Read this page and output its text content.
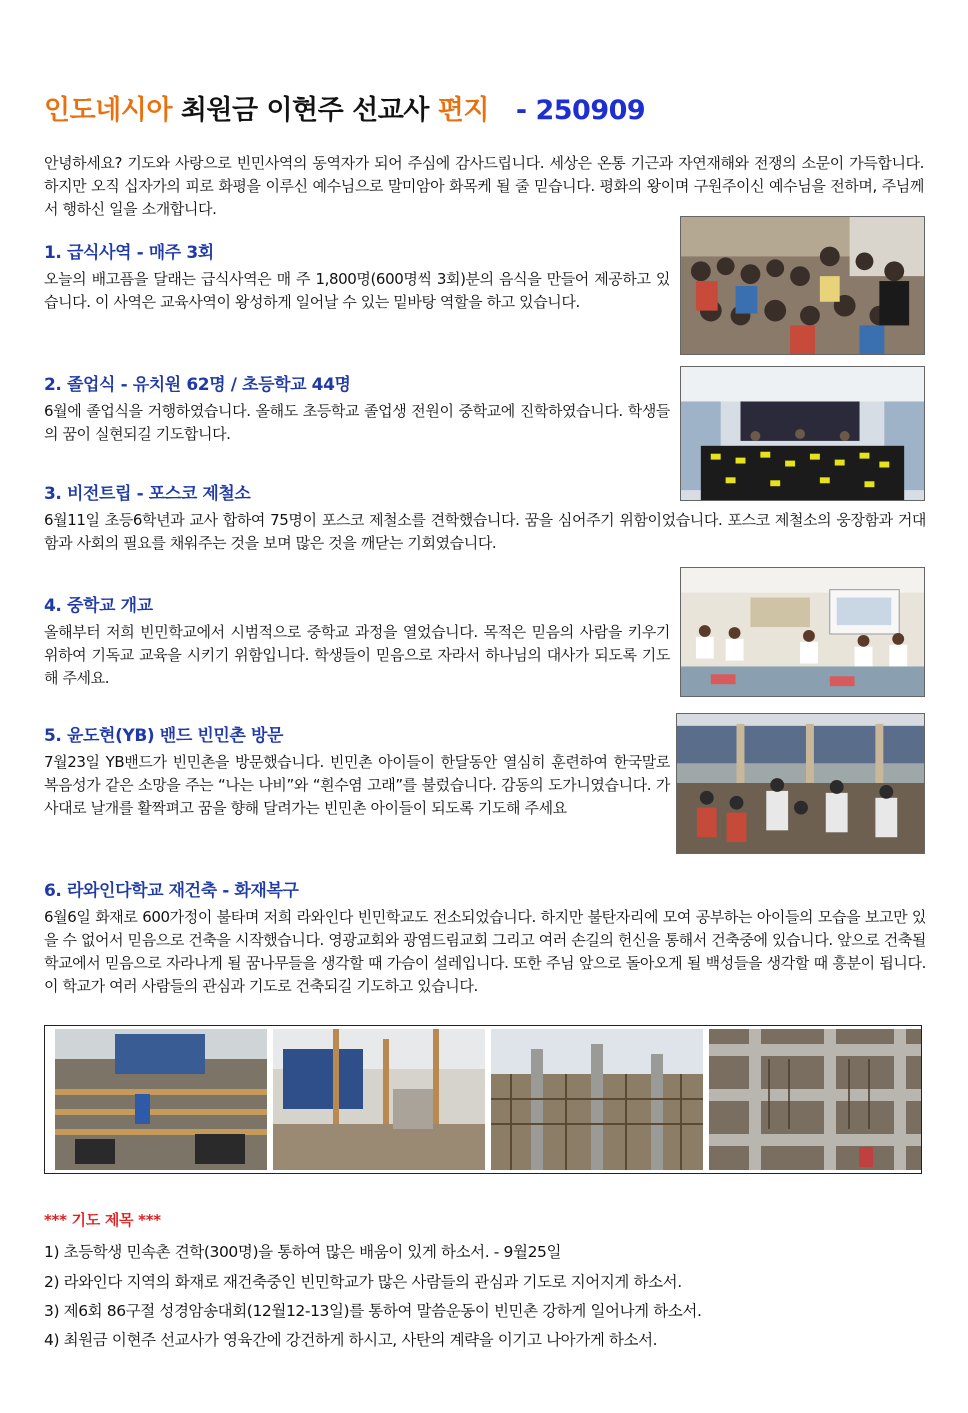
인도네시아 최원금 이현주 선교사 편지 - 250909

안녕하세요? 기도와 사랑으로 빈민사역의 동역자가 되어 주심에 감사드립니다. 세상은 온통 기근과 자연재해와 전쟁의 소문이 가득합니다. 하지만 오직 십자가의 피로 화평을 이루신 예수님으로 말미암아 화목케 될 줄 믿습니다. 평화의 왕이며 구원주이신 예수님을 전하며, 주님께서 행하신 일을 소개합니다.

1. 급식사역 - 매주 3회

오늘의 배고픔을 달래는 급식사역은 매 주 1,800명(600명씩 3회)분의 음식을 만들어 제공하고 있습니다. 이 사역은 교육사역이 왕성하게 일어날 수 있는 밑바탕 역할을 하고 있습니다.

2. 졸업식 - 유치원 62명 / 초등학교 44명

6월에 졸업식을 거행하였습니다. 올해도 초등학교 졸업생 전원이 중학교에 진학하였습니다. 학생들의 꿈이 실현되길 기도합니다.

3. 비전트립 - 포스코 제철소

6월11일 초등6학년과 교사 합하여 75명이 포스코 제철소를 견학했습니다. 꿈을 심어주기 위함이었습니다. 포스코 제철소의 웅장함과 거대함과 사회의 필요를 채워주는 것을 보며 많은 것을 깨닫는 기회였습니다.

4. 중학교 개교

올해부터 저희 빈민학교에서 시범적으로 중학교 과정을 열었습니다. 목적은 믿음의 사람을 키우기 위하여 기독교 교육을 시키기 위함입니다. 학생들이 믿음으로 자라서 하나님의 대사가 되도록 기도해 주세요.

5. 윤도현(YB) 밴드 빈민촌 방문

7월23일 YB밴드가 빈민촌을 방문했습니다. 빈민촌 아이들이 한달동안 열심히 훈련하여 한국말로 복음성가 같은 소망을 주는 “나는 나비”와 “흰수염 고래”를 불렀습니다. 감동의 도가니였습니다. 가사대로 날개를 활짝펴고 꿈을 향해 달려가는 빈민촌 아이들이 되도록 기도해 주세요

6. 라와인다학교 재건축 - 화재복구

6월6일 화재로 600가정이 불타며 저희 라와인다 빈민학교도 전소되었습니다. 하지만 불탄자리에 모여 공부하는 아이들의 모습을 보고만 있을 수 없어서 믿음으로 건축을 시작했습니다. 영광교회와 광염드림교회 그리고 여러 손길의 헌신을 통해서 건축중에 있습니다. 앞으로 건축될 학교에서 믿음으로 자라나게 될 꿈나무들을 생각할 때 가슴이 설레입니다. 또한 주님 앞으로 돌아오게 될 백성들을 생각할 때 흥분이 됩니다. 이 학교가 여러 사람들의 관심과 기도로 건축되길 기도하고 있습니다.

*** 기도 제목 ***
1) 초등학생 민속촌 견학(300명)을 통하여 많은 배움이 있게 하소서. - 9월25일
2) 라와인다 지역의 화재로 재건축중인 빈민학교가 많은 사람들의 관심과 기도로 지어지게 하소서.
3) 제6회 86구절 성경암송대회(12월12-13일)를 통하여 말씀운동이 빈민촌 강하게 일어나게 하소서.
4) 최원금 이현주 선교사가 영육간에 강건하게 하시고, 사탄의 계략을 이기고 나아가게 하소서.
